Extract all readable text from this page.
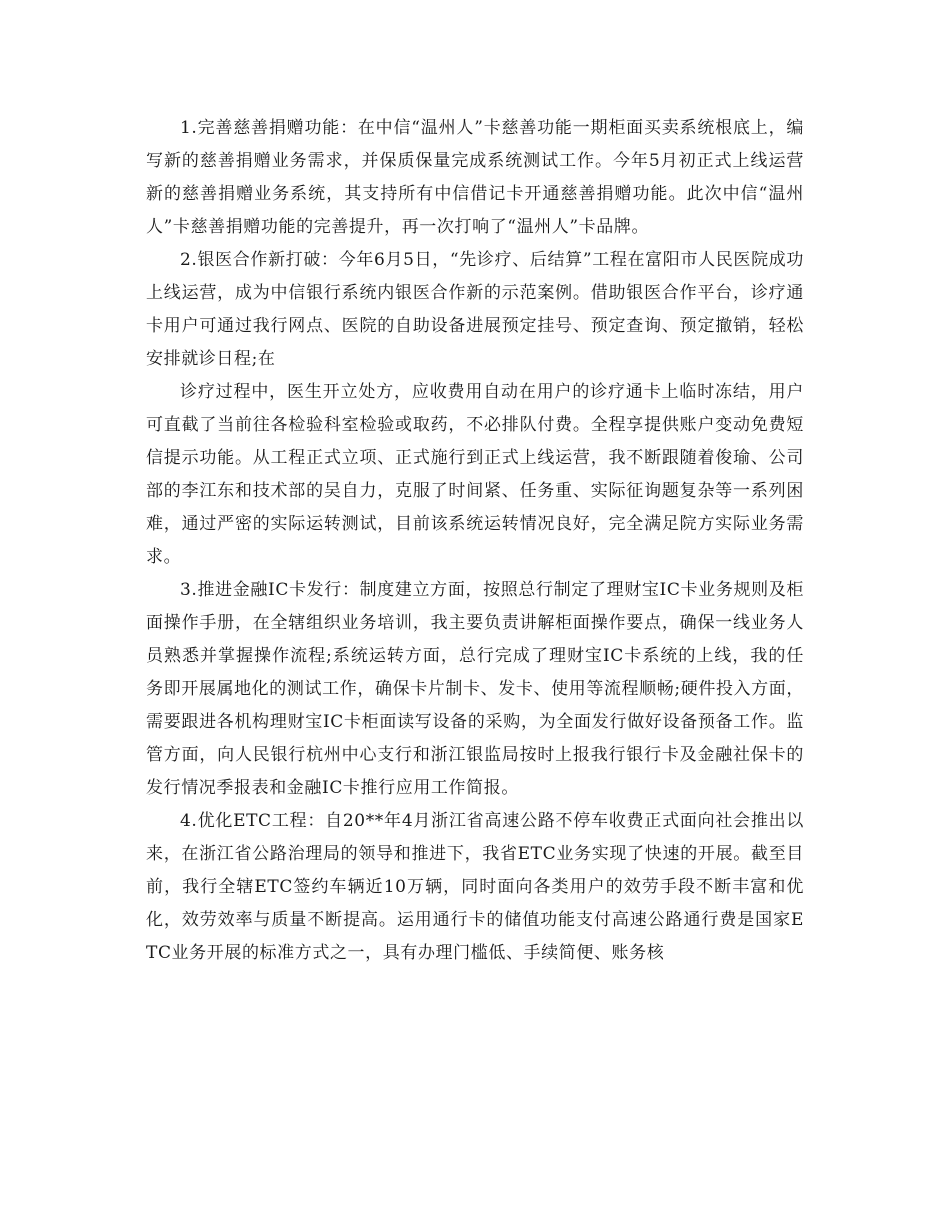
1.完善慈善捐赠功能：在中信“温州人”卡慈善功能一期柜面买卖系统根底上，编写新的慈善捐赠业务需求，并保质保量完成系统测试工作。今年5月初正式上线运营新的慈善捐赠业务系统，其支持所有中信借记卡开通慈善捐赠功能。此次中信“温州人”卡慈善捐赠功能的完善提升，再一次打响了“温州人”卡品牌。

2.银医合作新打破：今年6月5日，“先诊疗、后结算”工程在富阳市人民医院成功上线运营，成为中信银行系统内银医合作新的示范案例。借助银医合作平台，诊疗通卡用户可通过我行网点、医院的自助设备进展预定挂号、预定查询、预定撤销，轻松安排就诊日程;在

诊疗过程中，医生开立处方，应收费用自动在用户的诊疗通卡上临时冻结，用户可直截了当前往各检验科室检验或取药，不必排队付费。全程享提供账户变动免费短信提示功能。从工程正式立项、正式施行到正式上线运营，我不断跟随着俊瑜、公司部的李江东和技术部的吴自力，克服了时间紧、任务重、实际征询题复杂等一系列困难，通过严密的实际运转测试，目前该系统运转情况良好，完全满足院方实际业务需求。

3.推进金融IC卡发行：制度建立方面，按照总行制定了理财宝IC卡业务规则及柜面操作手册，在全辖组织业务培训，我主要负责讲解柜面操作要点，确保一线业务人员熟悉并掌握操作流程;系统运转方面，总行完成了理财宝IC卡系统的上线，我的任务即开展属地化的测试工作，确保卡片制卡、发卡、使用等流程顺畅;硬件投入方面，需要跟进各机构理财宝IC卡柜面读写设备的采购，为全面发行做好设备预备工作。监管方面，向人民银行杭州中心支行和浙江银监局按时上报我行银行卡及金融社保卡的发行情况季报表和金融IC卡推行应用工作简报。

4.优化ETC工程：自20**年4月浙江省高速公路不停车收费正式面向社会推出以来，在浙江省公路治理局的领导和推进下，我省ETC业务实现了快速的开展。截至目前，我行全辖ETC签约车辆近10万辆，同时面向各类用户的效劳手段不断丰富和优化，效劳效率与质量不断提高。运用通行卡的储值功能支付高速公路通行费是国家ETC业务开展的标准方式之一，具有办理门槛低、手续简便、账务核
